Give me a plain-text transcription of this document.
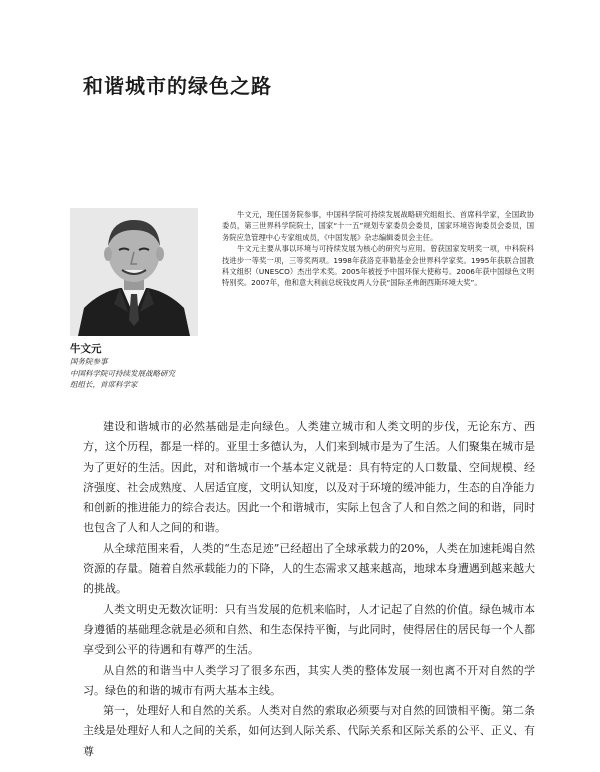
和谐城市的绿色之路

牛文元，现任国务院参事，中国科学院可持续发展战略研究组组长、首席科学家，全国政协委员，第三世界科学院院士，国家“十一五”规划专家委员会委员，国家环境咨询委员会委员，国务院应急管理中心专家组成员，《中国发展》杂志编辑委员会主任。

牛文元主要从事以环境与可持续发展为核心的研究与应用。曾获国家发明奖一项，中科院科技进步一等奖一项，三等奖两项。1998年获洛克菲勒基金会世界科学家奖。1995年获联合国教科文组织（UNESCO）杰出学术奖。2005年被授予中国环保大使称号。2006年获中国绿色文明特别奖。2007年，他和意大利前总统钱皮两人分获“国际圣弗朗西斯环境大奖”。

牛文元
国务院参事
中国科学院可持续发展战略研究
组组长，首席科学家

建设和谐城市的必然基础是走向绿色。人类建立城市和人类文明的步伐，无论东方、西方，这个历程，都是一样的。亚里士多德认为，人们来到城市是为了生活。人们聚集在城市是为了更好的生活。因此，对和谐城市一个基本定义就是：具有特定的人口数量、空间规模、经济强度、社会成熟度、人居适宜度，文明认知度，以及对于环境的缓冲能力，生态的自净能力和创新的推进能力的综合表达。因此一个和谐城市，实际上包含了人和自然之间的和谐，同时也包含了人和人之间的和谐。

从全球范围来看，人类的“生态足迹”已经超出了全球承载力的20%，人类在加速耗竭自然资源的存量。随着自然承载能力的下降，人的生态需求又越来越高，地球本身遭遇到越来越大的挑战。

人类文明史无数次证明：只有当发展的危机来临时，人才记起了自然的价值。绿色城市本身遵循的基础理念就是必须和自然、和生态保持平衡，与此同时，使得居住的居民每一个人都享受到公平的待遇和有尊严的生活。

从自然的和谐当中人类学习了很多东西，其实人类的整体发展一刻也离不开对自然的学习。绿色的和谐的城市有两大基本主线。

第一，处理好人和自然的关系。人类对自然的索取必须要与对自然的回馈相平衡。第二条主线是处理好人和人之间的关系，如何达到人际关系、代际关系和区际关系的公平、正义、有尊
